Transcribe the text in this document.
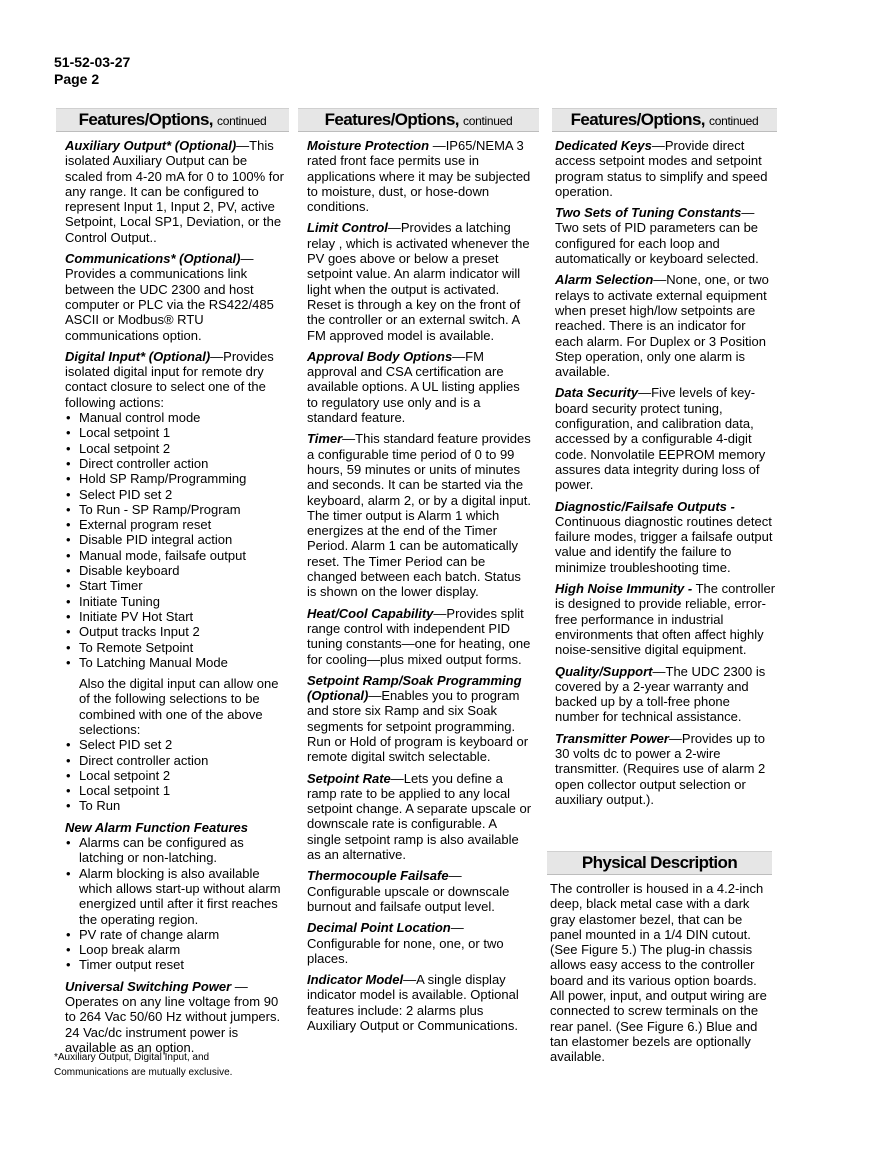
51-52-03-27
Page 2
Features/Options, continued

Auxiliary Output* (Optional)—This isolated Auxiliary Output can be scaled from 4-20 mA for 0 to 100% for any range. It can be configured to represent Input 1, Input 2, PV, active Setpoint, Local SP1, Deviation, or the Control Output..

Communications* (Optional)—Provides a communications link between the UDC 2300 and host computer or PLC via the RS422/485 ASCII or Modbus® RTU communications option.

Digital Input* (Optional)—Provides isolated digital input for remote dry contact closure to select one of the following actions:

• Manual control mode
• Local setpoint 1
• Local setpoint 2
• Direct controller action
• Hold SP Ramp/Programming
• Select PID set 2
• To Run - SP Ramp/Program
• External program reset
• Disable PID integral action
• Manual mode, failsafe output
• Disable keyboard
• Start Timer
• Initiate Tuning
• Initiate PV Hot Start
• Output tracks Input 2
• To Remote Setpoint
• To Latching Manual Mode

Also the digital input can allow one of the following selections to be combined with one of the above selections:

• Select PID set 2
• Direct controller action
• Local setpoint 2
• Local setpoint 1
• To Run

New Alarm Function Features

• Alarms can be configured as latching or non-latching.
• Alarm blocking is also available which allows start-up without alarm energized until after it first reaches the operating region.
• PV rate of change alarm
• Loop break alarm
• Timer output reset

Universal Switching Power —Operates on any line voltage from 90 to 264 Vac 50/60 Hz without jumpers. 24 Vac/dc instrument power is available as an option.

Features/Options, continued

Moisture Protection —IP65/NEMA 3 rated front face permits use in applications where it may be subjected to moisture, dust, or hose-down conditions.

Limit Control—Provides a latching relay , which is activated whenever the PV goes above or below a preset setpoint value. An alarm indicator will light when the output is activated. Reset is through a key on the front of the controller or an external switch. A FM approved model is available.

Approval Body Options—FM approval and CSA certification are available options. A UL listing applies to regulatory use only and is a standard feature.

Timer—This standard feature provides a configurable time period of 0 to 99 hours, 59 minutes or units of minutes and seconds. It can be started via the keyboard, alarm 2, or by a digital input. The timer output is Alarm 1 which energizes at the end of the Timer Period. Alarm 1 can be automatically reset. The Timer Period can be changed between each batch. Status is shown on the lower display.

Heat/Cool Capability—Provides split range control with independent PID tuning constants—one for heating, one for cooling—plus mixed output forms.

Setpoint Ramp/Soak Programming (Optional)—Enables you to program and store six Ramp and six Soak segments for setpoint programming. Run or Hold of program is keyboard or remote digital switch selectable.

Setpoint Rate—Lets you define a ramp rate to be applied to any local setpoint change. A separate upscale or downscale rate is configurable. A single setpoint ramp is also available as an alternative.

Thermocouple Failsafe—Configurable upscale or downscale burnout and failsafe output level.

Decimal Point Location—Configurable for none, one, or two places.

Indicator Model—A single display indicator model is available. Optional features include: 2 alarms plus Auxiliary Output or Communications.

Features/Options, continued

Dedicated Keys—Provide direct access setpoint modes and setpoint program status to simplify and speed operation.

Two Sets of Tuning Constants—Two sets of PID parameters can be configured for each loop and automatically or keyboard selected.

Alarm Selection—None, one, or two relays to activate external equipment when preset high/low setpoints are reached. There is an indicator for each alarm. For Duplex or 3 Position Step operation, only one alarm is available.

Data Security—Five levels of key-board security protect tuning, configuration, and calibration data, accessed by a configurable 4-digit code. Nonvolatile EEPROM memory assures data integrity during loss of power.

Diagnostic/Failsafe Outputs - Continuous diagnostic routines detect failure modes, trigger a failsafe output value and identify the failure to minimize troubleshooting time.

High Noise Immunity - The controller is designed to provide reliable, error- free performance in industrial environments that often affect highly noise-sensitive digital equipment.

Quality/Support—The UDC 2300 is covered by a 2-year warranty and backed up by a toll-free phone number for technical assistance.

Transmitter Power—Provides up to 30 volts dc to power a 2-wire transmitter. (Requires use of alarm 2 open collector output selection or auxiliary output.).

Physical Description

The controller is housed in a 4.2-inch deep, black metal case with a dark gray elastomer bezel, that can be panel mounted in a 1/4 DIN cutout. (See Figure 5.) The plug-in chassis allows easy access to the controller board and its various option boards. All power, input, and output wiring are connected to screw terminals on the rear panel. (See Figure 6.) Blue and tan elastomer bezels are optionally available.

*Auxiliary Output, Digital Input, and Communications are mutually exclusive.
